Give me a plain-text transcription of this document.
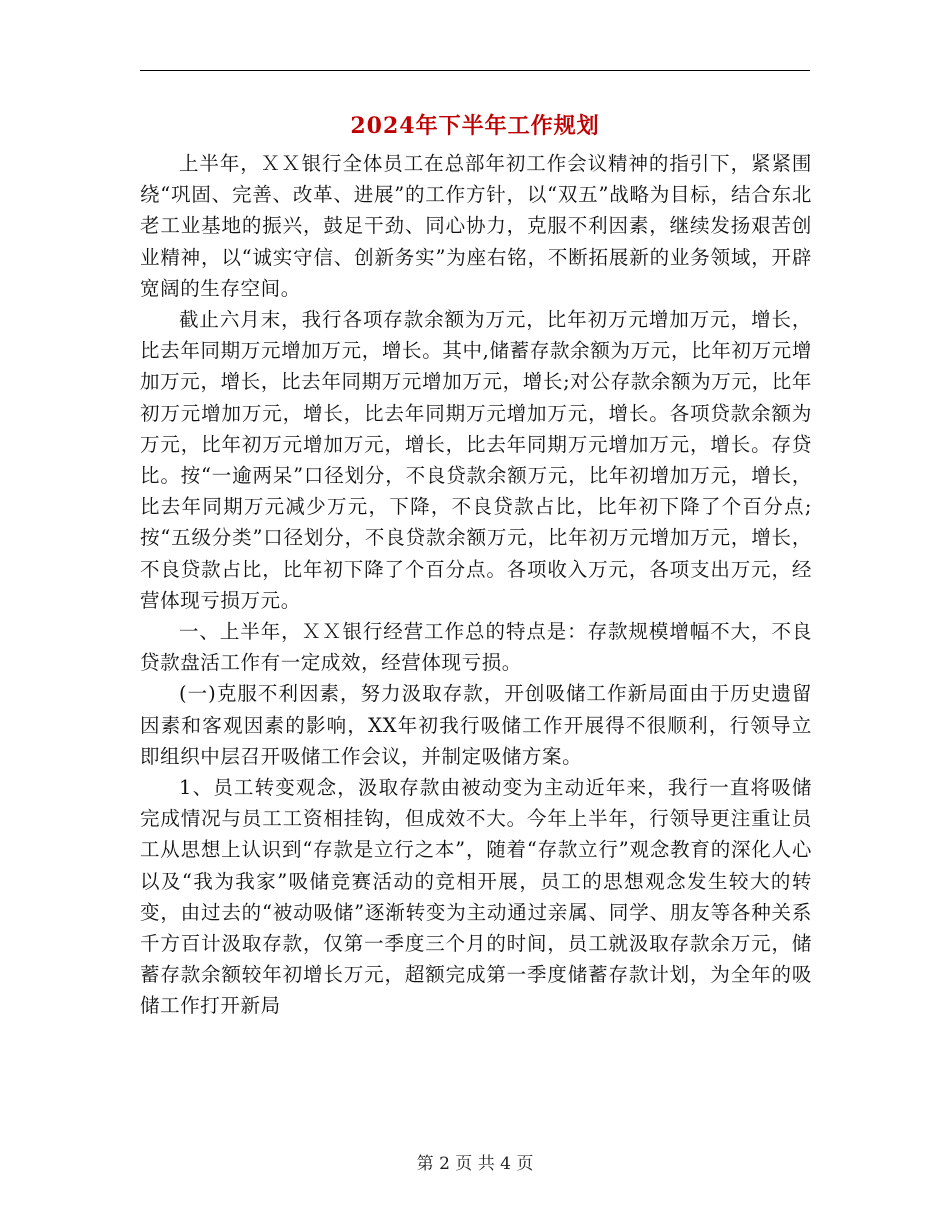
2024年下半年工作规划

上半年，ＸＸ银行全体员工在总部年初工作会议精神的指引下，紧紧围绕“巩固、完善、改革、进展”的工作方针，以“双五”战略为目标，结合东北老工业基地的振兴，鼓足干劲、同心协力，克服不利因素，继续发扬艰苦创业精神，以“诚实守信、创新务实”为座右铭，不断拓展新的业务领域，开辟宽阔的生存空间。

截止六月末，我行各项存款余额为万元，比年初万元增加万元，增长，比去年同期万元增加万元，增长。其中,储蓄存款余额为万元，比年初万元增加万元，增长，比去年同期万元增加万元，增长;对公存款余额为万元，比年初万元增加万元，增长，比去年同期万元增加万元，增长。各项贷款余额为万元，比年初万元增加万元，增长，比去年同期万元增加万元，增长。存贷比。按“一逾两呆”口径划分，不良贷款余额万元，比年初增加万元，增长，比去年同期万元减少万元，下降，不良贷款占比，比年初下降了个百分点;按“五级分类”口径划分，不良贷款余额万元，比年初万元增加万元，增长，不良贷款占比，比年初下降了个百分点。各项收入万元，各项支出万元，经营体现亏损万元。

一、上半年，ＸＸ银行经营工作总的特点是：存款规模增幅不大，不良贷款盘活工作有一定成效，经营体现亏损。

(一)克服不利因素，努力汲取存款，开创吸储工作新局面由于历史遗留因素和客观因素的影响，XX年初我行吸储工作开展得不很顺利，行领导立即组织中层召开吸储工作会议，并制定吸储方案。

1、员工转变观念，汲取存款由被动变为主动近年来，我行一直将吸储完成情况与员工工资相挂钩，但成效不大。今年上半年，行领导更注重让员工从思想上认识到“存款是立行之本”，随着“存款立行”观念教育的深化人心以及“我为我家”吸储竞赛活动的竞相开展，员工的思想观念发生较大的转变，由过去的“被动吸储”逐渐转变为主动通过亲属、同学、朋友等各种关系千方百计汲取存款，仅第一季度三个月的时间，员工就汲取存款余万元，储蓄存款余额较年初增长万元，超额完成第一季度储蓄存款计划，为全年的吸储工作打开新局

第 2 页 共 4 页
